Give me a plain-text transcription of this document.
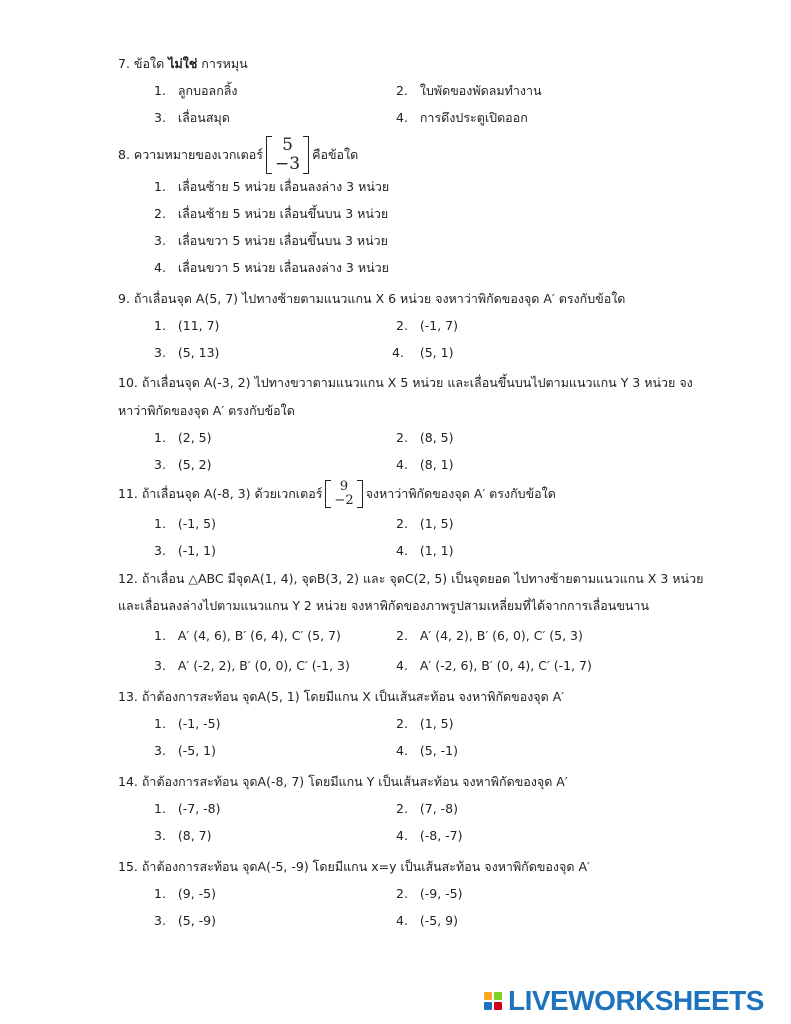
7. ข้อใด ไม่ใช่ การหมุน
1. ลูกบอลกลิ้ง	2. ใบพัดของพัดลมทำงาน
3. เลื่อนสมุด	4. การดึงประตูเปิดออก
8.
ความหมายของเวกเตอร์ 5
−3 คือข้อใด
1. เลื่อนซ้าย 5 หน่วย เลื่อนลงล่าง 3 หน่วย
2. เลื่อนซ้าย 5 หน่วย เลื่อนขึ้นบน 3 หน่วย
3. เลื่อนขวา 5 หน่วย เลื่อนขึ้นบน 3 หน่วย
4. เลื่อนขวา 5 หน่วย เลื่อนลงล่าง 3 หน่วย
9. ถ้าเลื่อนจุด A(5, 7) ไปทางซ้ายตามแนวแกน X 6 หน่วย จงหาว่าพิกัดของจุด A′ ตรงกับข้อใด
1. (11, 7)	2. (-1, 7)
3. (5, 13)	4. (5, 1)
10. ถ้าเลื่อนจุด A(-3, 2) ไปทางขวาตามแนวแกน X 5 หน่วย และเลื่อนขึ้นบนไปตามแนวแกน Y 3 หน่วย จง
หาว่าพิกัดของจุด A′ ตรงกับข้อใด
1. (2, 5)	2. (8, 5)
3. (5, 2)	4. (8, 1)
11. ถ้าเลื่อนจุด A(-8, 3) ด้วยเวกเตอร์ 9
−2 จงหาว่าพิกัดของจุด A′ ตรงกับข้อใด
1. (-1, 5)	2. (1, 5)
3. (-1, 1)	4. (1, 1)
12. ถ้าเลื่อน △ABC มีจุดA(1, 4), จุดB(3, 2) และ จุดC(2, 5) เป็นจุดยอด ไปทางซ้ายตามแนวแกน X 3 หน่วย
และเลื่อนลงล่างไปตามแนวแกน Y 2 หน่วย จงหาพิกัดของภาพรูปสามเหลี่ยมที่ได้จากการเลื่อนขนาน
1. A′ (4, 6), B′ (6, 4), C′ (5, 7)	2. A′ (4, 2), B′ (6, 0), C′ (5, 3)
3. A′ (-2, 2), B′ (0, 0), C′ (-1, 3)	4. A′ (-2, 6), B′ (0, 4), C′ (-1, 7)
13. ถ้าต้องการสะท้อน จุดA(5, 1) โดยมีแกน X เป็นเส้นสะท้อน จงหาพิกัดของจุด A′
1. (-1, -5)	2. (1, 5)
3. (-5, 1)	4. (5, -1)
14. ถ้าต้องการสะท้อน จุดA(-8, 7) โดยมีแกน Y เป็นเส้นสะท้อน จงหาพิกัดของจุด A′
1. (-7, -8)	2. (7, -8)
3. (8, 7)	4. (-8, -7)
15. ถ้าต้องการสะท้อน จุดA(-5, -9) โดยมีแกน x=y เป็นเส้นสะท้อน จงหาพิกัดของจุด A′
1. (9, -5)	2. (-9, -5)
3. (5, -9)	4. (-5, 9)
LIVEWORKSHEETS
